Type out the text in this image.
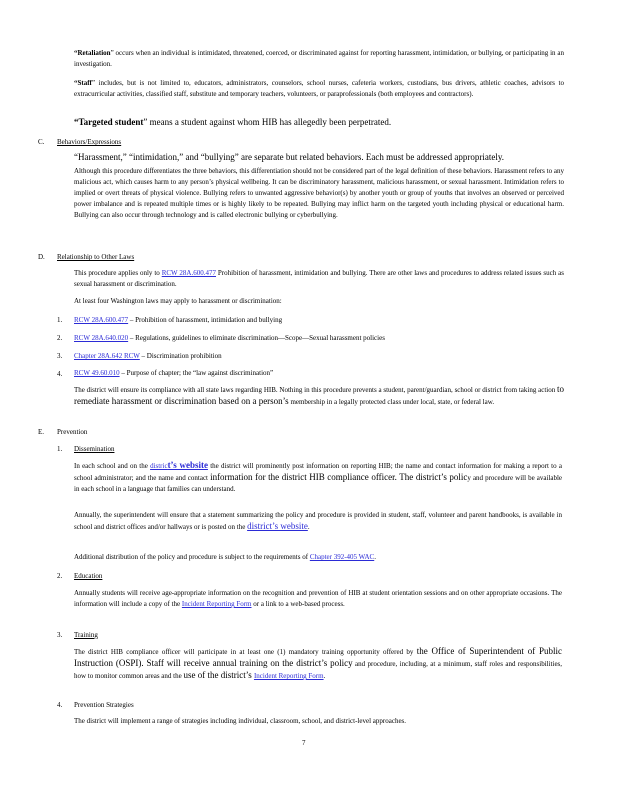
“Retaliation” occurs when an individual is intimidated, threatened, coerced, or discriminated against for reporting harassment, intimidation, or bullying, or participating in an investigation.
“Staff” includes, but is not limited to, educators, administrators, counselors, school nurses, cafeteria workers, custodians, bus drivers, athletic coaches, advisors to extracurricular activities, classified staff, substitute and temporary teachers, volunteers, or paraprofessionals (both employees and contractors).
“Targeted student” means a student against whom HIB has allegedly been perpetrated.
C. Behaviors/Expressions
“Harassment,” “intimidation,” and “bullying” are separate but related behaviors. Each must be addressed appropriately.
Although this procedure differentiates the three behaviors, this differentiation should not be considered part of the legal definition of these behaviors. Harassment refers to any malicious act, which causes harm to any person’s physical wellbeing. It can be discriminatory harassment, malicious harassment, or sexual harassment. Intimidation refers to implied or overt threats of physical violence. Bullying refers to unwanted aggressive behavior(s) by another youth or group of youths that involves an observed or perceived power imbalance and is repeated multiple times or is highly likely to be repeated. Bullying may inflict harm on the targeted youth including physical or educational harm. Bullying can also occur through technology and is called electronic bullying or cyberbullying.
D. Relationship to Other Laws
This procedure applies only to RCW 28A.600.477 Prohibition of harassment, intimidation and bullying. There are other laws and procedures to address related issues such as sexual harassment or discrimination.
At least four Washington laws may apply to harassment or discrimination:
1. RCW 28A.600.477 – Prohibition of harassment, intimidation and bullying
2. RCW 28A.640.020 – Regulations, guidelines to eliminate discrimination—Scope—Sexual harassment policies
3. Chapter 28A.642 RCW – Discrimination prohibition
4. RCW 49.60.010 – Purpose of chapter; the “law against discrimination”
The district will ensure its compliance with all state laws regarding HIB. Nothing in this procedure prevents a student, parent/guardian, school or district from taking action to remediate harassment or discrimination based on a person’s membership in a legally protected class under local, state, or federal law.
E. Prevention
1. Dissemination
In each school and on the district’s website the district will prominently post information on reporting HIB; the name and contact information for making a report to a school administrator; and the name and contact information for the district HIB compliance officer. The district’s policy and procedure will be available in each school in a language that families can understand.
Annually, the superintendent will ensure that a statement summarizing the policy and procedure is provided in student, staff, volunteer and parent handbooks, is available in school and district offices and/or hallways or is posted on the district’s website.
Additional distribution of the policy and procedure is subject to the requirements of Chapter 392-405 WAC.
2. Education
Annually students will receive age-appropriate information on the recognition and prevention of HIB at student orientation sessions and on other appropriate occasions. The information will include a copy of the Incident Reporting Form or a link to a web-based process.
3. Training
The district HIB compliance officer will participate in at least one (1) mandatory training opportunity offered by the Office of Superintendent of Public Instruction (OSPI). Staff will receive annual training on the district’s policy and procedure, including, at a minimum, staff roles and responsibilities, how to monitor common areas and the use of the district’s Incident Reporting Form.
4. Prevention Strategies
The district will implement a range of strategies including individual, classroom, school, and district-level approaches.
7
